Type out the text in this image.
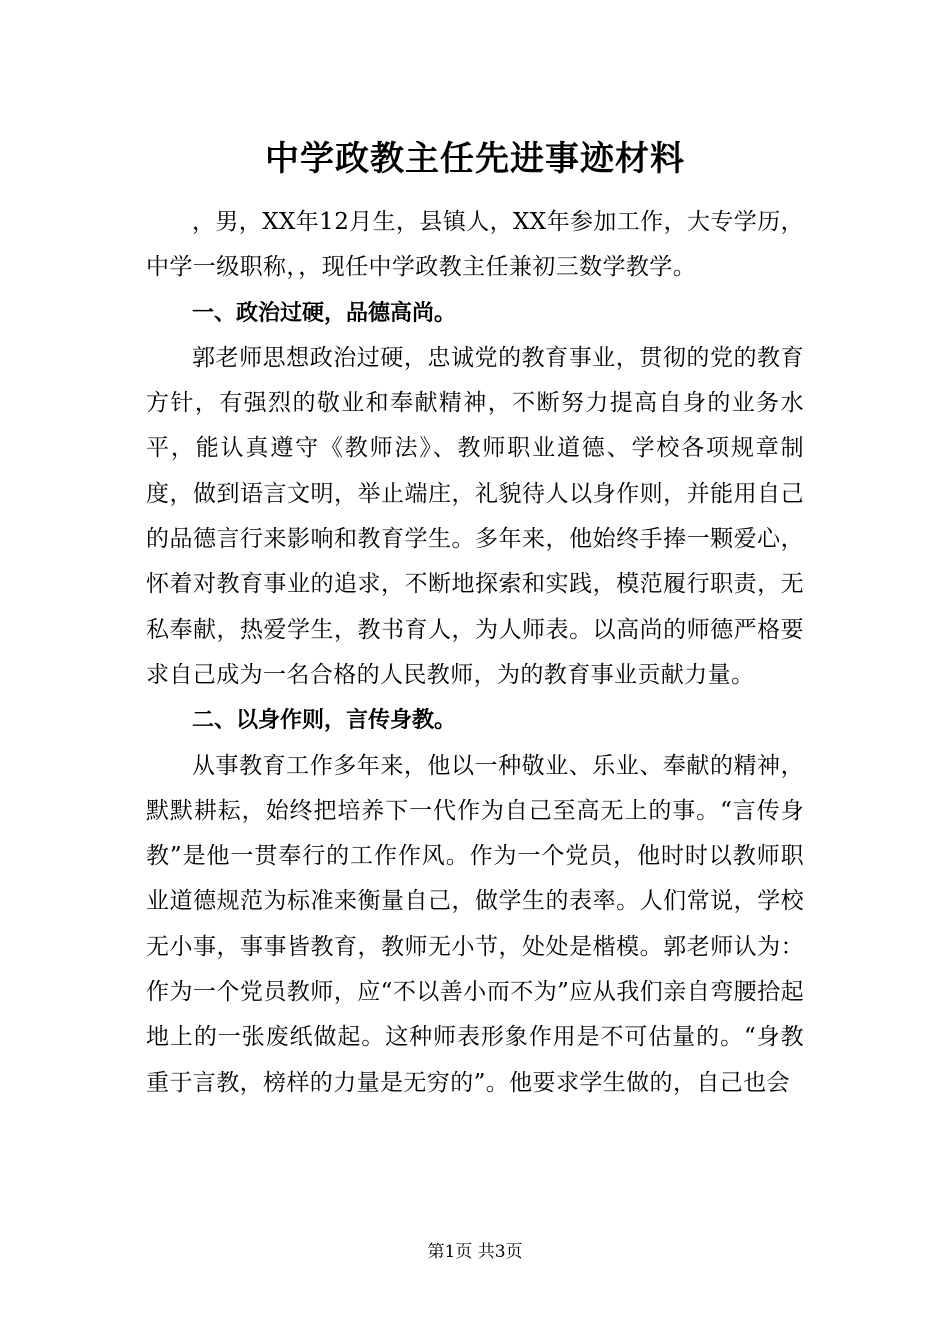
中学政教主任先进事迹材料

，男，XX年12月生，县镇人，XX年参加工作，大专学历，中学一级职称，，现任中学政教主任兼初三数学教学。

一、政治过硬，品德高尚。

郭老师思想政治过硬，忠诚党的教育事业，贯彻的党的教育方针，有强烈的敬业和奉献精神，不断努力提高自身的业务水平，能认真遵守《教师法》、教师职业道德、学校各项规章制度，做到语言文明，举止端庄，礼貌待人以身作则，并能用自己的品德言行来影响和教育学生。多年来，他始终手捧一颗爱心，怀着对教育事业的追求，不断地探索和实践，模范履行职责，无私奉献，热爱学生，教书育人，为人师表。以高尚的师德严格要求自己成为一名合格的人民教师，为的教育事业贡献力量。

二、以身作则，言传身教。

从事教育工作多年来，他以一种敬业、乐业、奉献的精神，默默耕耘，始终把培养下一代作为自己至高无上的事。“言传身教”是他一贯奉行的工作作风。作为一个党员，他时时以教师职业道德规范为标准来衡量自己，做学生的表率。人们常说，学校无小事，事事皆教育，教师无小节，处处是楷模。郭老师认为：作为一个党员教师，应“不以善小而不为”应从我们亲自弯腰拾起地上的一张废纸做起。这种师表形象作用是不可估量的。“身教重于言教，榜样的力量是无穷的”。他要求学生做的，自己也会

第1页 共3页
